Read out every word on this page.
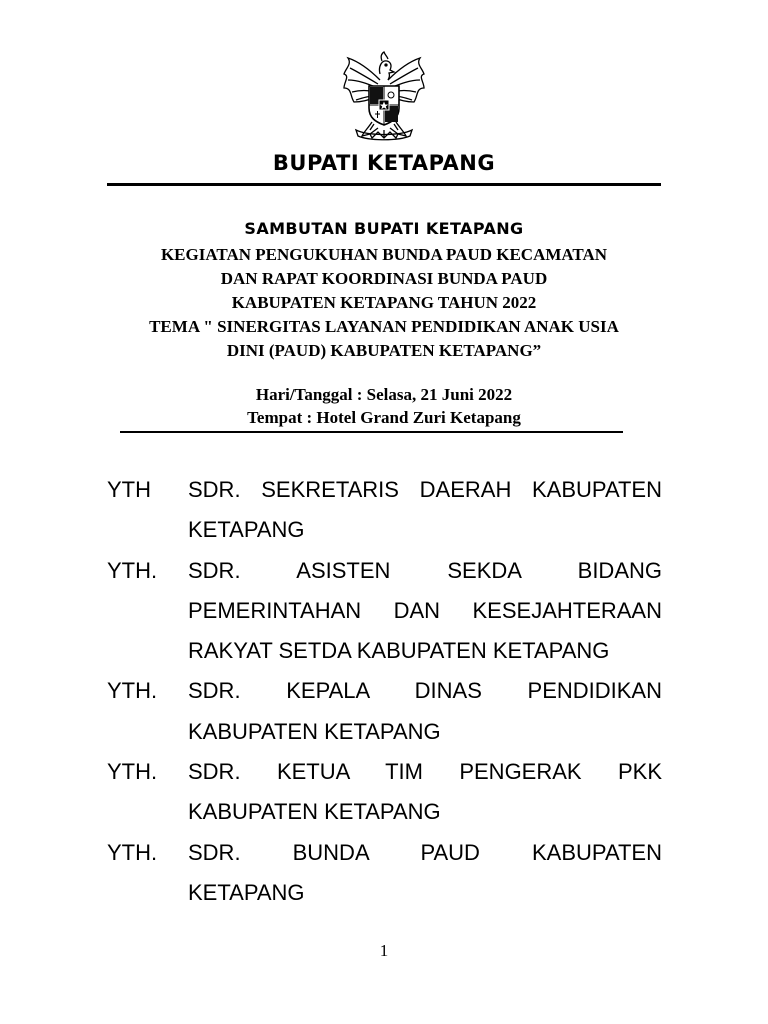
BUPATI KETAPANG
SAMBUTAN BUPATI KETAPANG
KEGIATAN PENGUKUHAN BUNDA PAUD KECAMATAN
DAN RAPAT KOORDINASI BUNDA PAUD
KABUPATEN KETAPANG TAHUN 2022
TEMA " SINERGITAS LAYANAN PENDIDIKAN ANAK USIA
DINI (PAUD) KABUPATEN KETAPANG”
Hari/Tanggal : Selasa, 21 Juni 2022
Tempat : Hotel Grand Zuri Ketapang
YTH	SDR. SEKRETARIS DAERAH KABUPATEN
KETAPANG
YTH.	SDR. ASISTEN SEKDA BIDANG
PEMERINTAHAN DAN KESEJAHTERAAN
RAKYAT SETDA KABUPATEN KETAPANG
YTH.	SDR. KEPALA DINAS PENDIDIKAN
KABUPATEN KETAPANG
YTH.	SDR. KETUA TIM PENGERAK PKK
KABUPATEN KETAPANG
YTH.	SDR. BUNDA PAUD KABUPATEN
KETAPANG
1
